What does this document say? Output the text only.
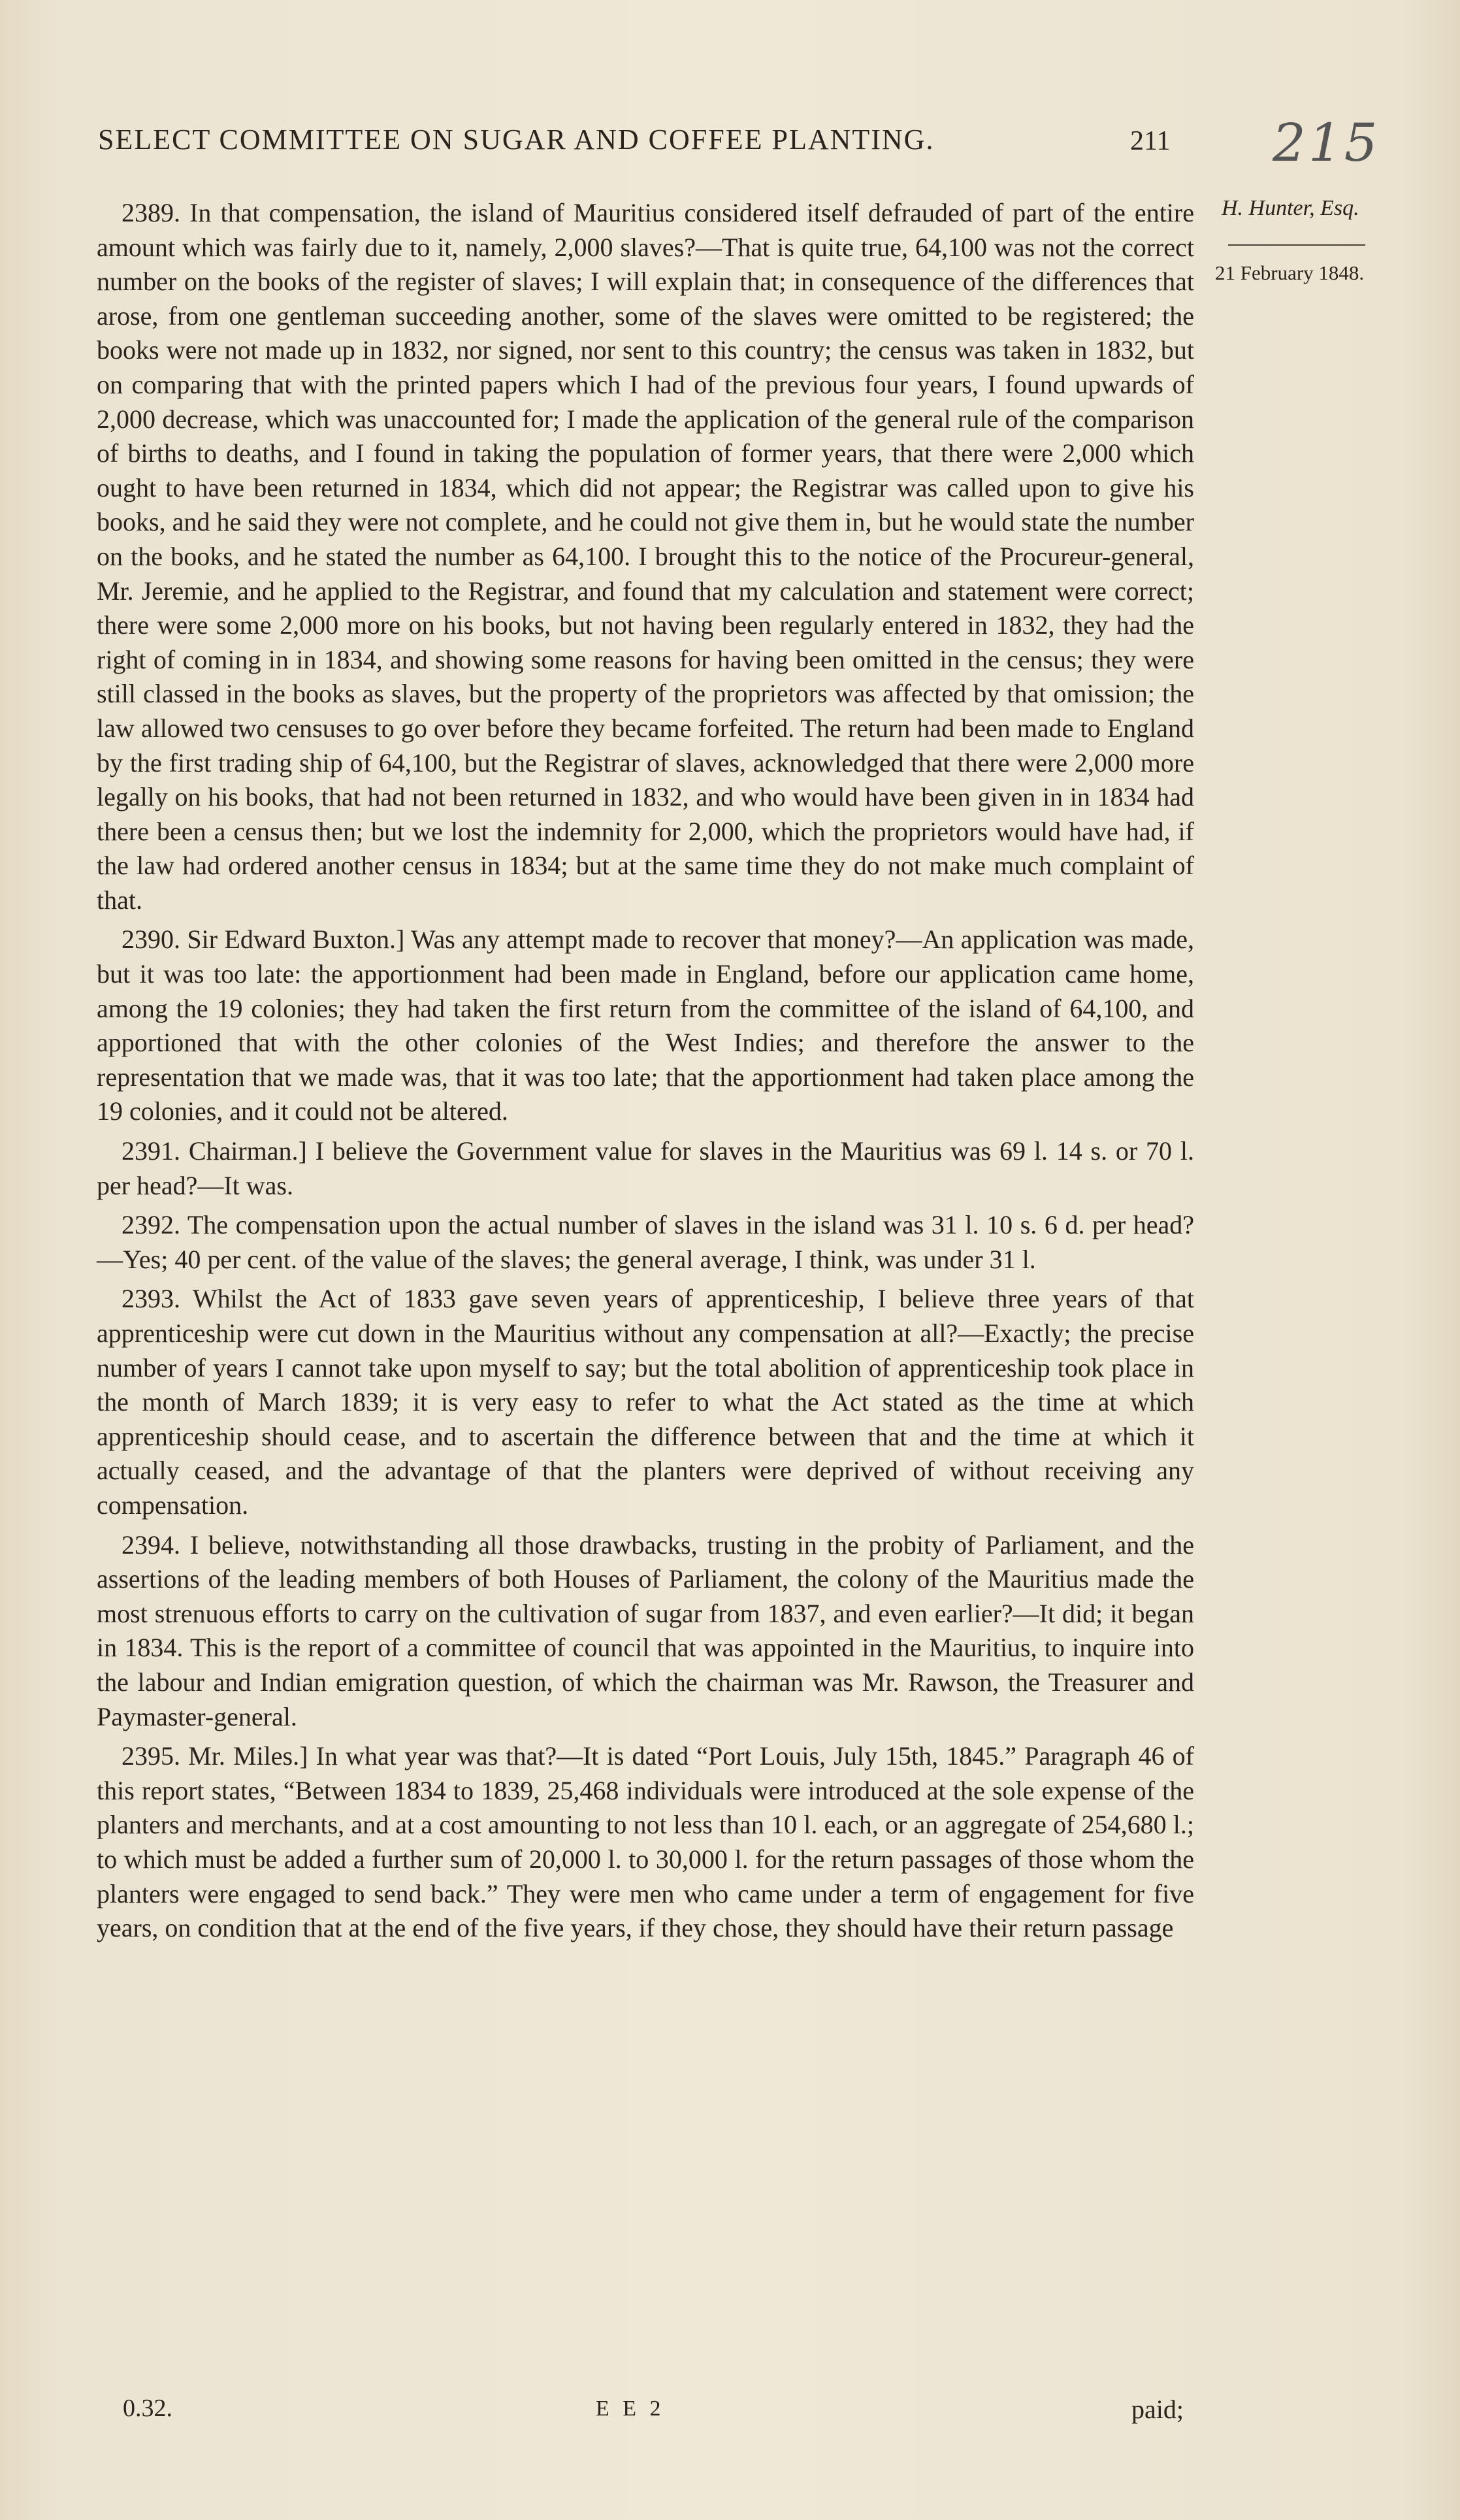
SELECT COMMITTEE ON SUGAR AND COFFEE PLANTING.	211 215
H. Hunter, Esq.
21 February 1848.

2389. In that compensation, the island of Mauritius considered itself defrauded of part of the entire amount which was fairly due to it, namely, 2,000 slaves?—That is quite true, 64,100 was not the correct number on the books of the register of slaves; I will explain that; in consequence of the differences that arose, from one gentleman succeeding another, some of the slaves were omitted to be registered; the books were not made up in 1832, nor signed, nor sent to this country; the census was taken in 1832, but on comparing that with the printed papers which I had of the previous four years, I found upwards of 2,000 decrease, which was unaccounted for; I made the application of the general rule of the comparison of births to deaths, and I found in taking the population of former years, that there were 2,000 which ought to have been returned in 1834, which did not appear; the Registrar was called upon to give his books, and he said they were not complete, and he could not give them in, but he would state the number on the books, and he stated the number as 64,100. I brought this to the notice of the Procureur-general, Mr. Jeremie, and he applied to the Registrar, and found that my calculation and statement were correct; there were some 2,000 more on his books, but not having been regularly entered in 1832, they had the right of coming in in 1834, and showing some reasons for having been omitted in the census; they were still classed in the books as slaves, but the property of the proprietors was affected by that omission; the law allowed two censuses to go over before they became forfeited. The return had been made to England by the first trading ship of 64,100, but the Registrar of slaves, acknowledged that there were 2,000 more legally on his books, that had not been returned in 1832, and who would have been given in in 1834 had there been a census then; but we lost the indemnity for 2,000, which the proprietors would have had, if the law had ordered another census in 1834; but at the same time they do not make much complaint of that.

2390. Sir Edward Buxton.] Was any attempt made to recover that money?—An application was made, but it was too late: the apportionment had been made in England, before our application came home, among the 19 colonies; they had taken the first return from the committee of the island of 64,100, and apportioned that with the other colonies of the West Indies; and therefore the answer to the representation that we made was, that it was too late; that the apportionment had taken place among the 19 colonies, and it could not be altered.

2391. Chairman.] I believe the Government value for slaves in the Mauritius was 69 l. 14 s. or 70 l. per head?—It was.

2392. The compensation upon the actual number of slaves in the island was 31 l. 10 s. 6 d. per head?—Yes; 40 per cent. of the value of the slaves; the general average, I think, was under 31 l.

2393. Whilst the Act of 1833 gave seven years of apprenticeship, I believe three years of that apprenticeship were cut down in the Mauritius without any compensation at all?—Exactly; the precise number of years I cannot take upon myself to say; but the total abolition of apprenticeship took place in the month of March 1839; it is very easy to refer to what the Act stated as the time at which apprenticeship should cease, and to ascertain the difference between that and the time at which it actually ceased, and the advantage of that the planters were deprived of without receiving any compensation.

2394. I believe, notwithstanding all those drawbacks, trusting in the probity of Parliament, and the assertions of the leading members of both Houses of Parliament, the colony of the Mauritius made the most strenuous efforts to carry on the cultivation of sugar from 1837, and even earlier?—It did; it began in 1834. This is the report of a committee of council that was appointed in the Mauritius, to inquire into the labour and Indian emigration question, of which the chairman was Mr. Rawson, the Treasurer and Paymaster-general.

2395. Mr. Miles.] In what year was that?—It is dated “Port Louis, July 15th, 1845.” Paragraph 46 of this report states, “Between 1834 to 1839, 25,468 individuals were introduced at the sole expense of the planters and merchants, and at a cost amounting to not less than 10 l. each, or an aggregate of 254,680 l.; to which must be added a further sum of 20,000 l. to 30,000 l. for the return passages of those whom the planters were engaged to send back.” They were men who came under a term of engagement for five years, on condition that at the end of the five years, if they chose, they should have their return passage

0.32.	E E 2	paid;
